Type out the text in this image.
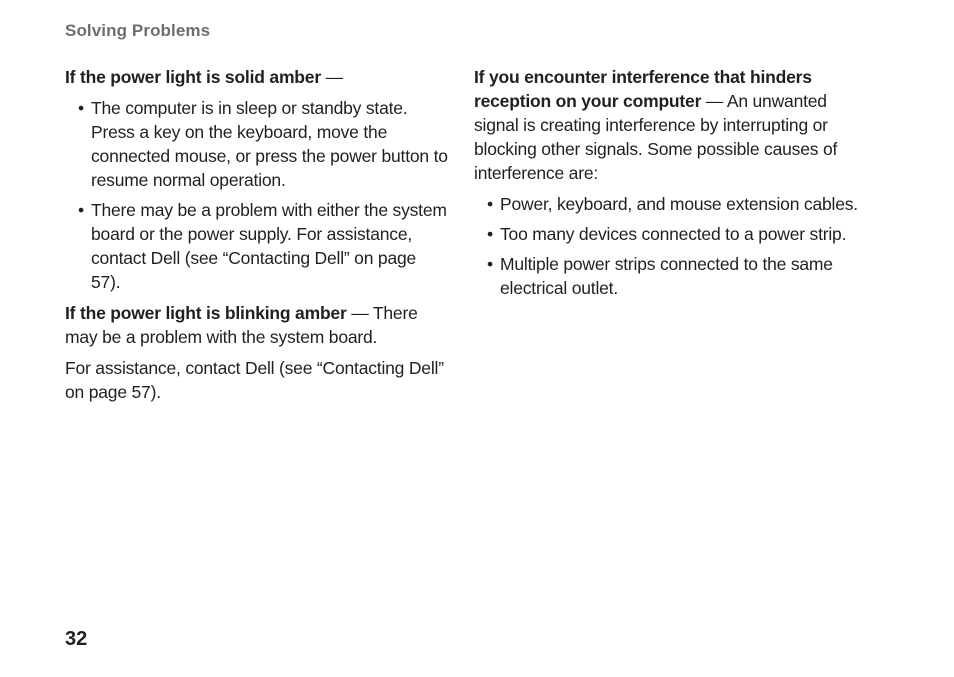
Solving Problems

If the power light is solid amber —

• The computer is in sleep or standby state. Press a key on the keyboard, move the connected mouse, or press the power button to resume normal operation.
• There may be a problem with either the system board or the power supply. For assistance, contact Dell (see “Contacting Dell” on page 57).

If the power light is blinking amber — There may be a problem with the system board.

For assistance, contact Dell (see “Contacting Dell” on page 57).

If you encounter interference that hinders reception on your computer — An unwanted signal is creating interference by interrupting or blocking other signals. Some possible causes of interference are:

• Power, keyboard, and mouse extension cables.
• Too many devices connected to a power strip.
• Multiple power strips connected to the same electrical outlet.
32
